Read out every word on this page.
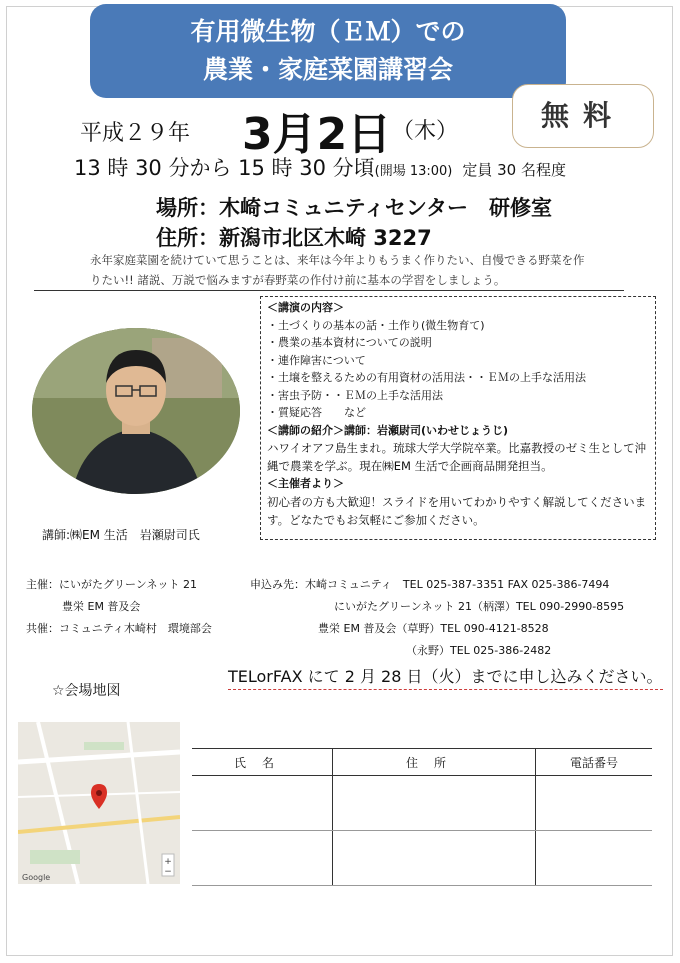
有用微生物（ＥＭ）での
農業・家庭菜園講習会
無料
平成２９年 3月2日 （木）
13 時 30 分から 15 時 30 分頃(開場 13:00) 定員 30 名程度
場所：木崎コミュニティセンター　研修室
住所：新潟市北区木崎 3227
永年家庭菜園を続けていて思うことは、来年は今年よりもうまく作りたい、自慢できる野菜を作りたい!! 諸説、万説で悩みますが春野菜の作付け前に基本の学習をしましょう。
講師:㈱EM 生活　岩瀬尉司氏
＜講演の内容＞
・土づくりの基本の話・土作り(微生物育て)
・農業の基本資材についての説明
・連作障害について
・土壌を整えるための有用資材の活用法・・ＥＭの上手な活用法
・害虫予防・・ＥＭの上手な活用法
・質疑応答　　など
＜講師の紹介＞講師：岩瀬尉司(いわせじょうじ)
ハワイオアフ島生まれ。琉球大学大学院卒業。比嘉教授のゼミ生として沖縄で農業を学ぶ。現在㈱EM 生活で企画商品開発担当。
＜主催者より＞
初心者の方も大歓迎！スライドを用いてわかりやすく解説してくださいます。どなたでもお気軽にご参加ください。
主催：にいがたグリーンネット 21
豊栄 EM 普及会
共催：コミュニティ木崎村　環境部会
申込み先：木崎コミュニティ　TEL 025-387-3351 FAX 025-386-7494
にいがたグリーンネット 21（柄澤）TEL 090-2990-8595
豊栄 EM 普及会（草野）TEL 090-4121-8528
（永野）TEL 025-386-2482
TELorFAX にて 2 月 28 日（火）までに申し込みください。
☆会場地図
+
−
Google
氏名	住所	電話番号
